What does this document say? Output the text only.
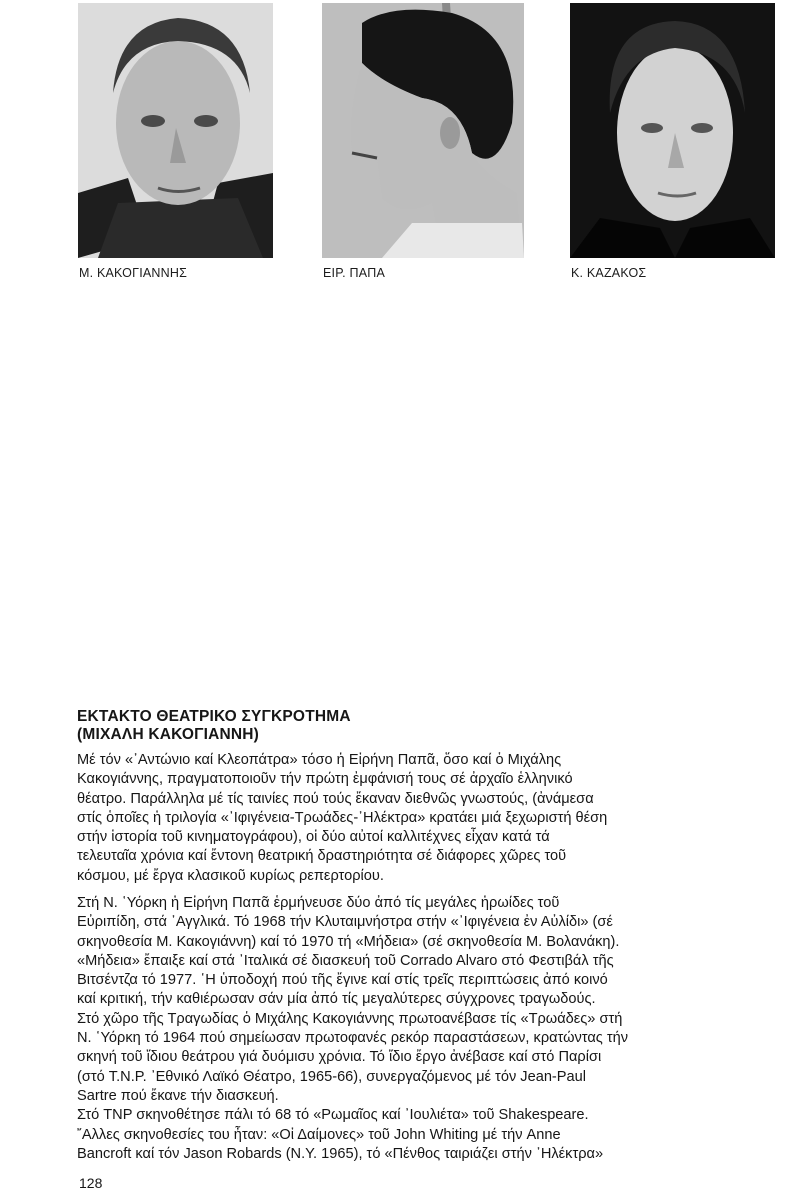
Μ. ΚΑΚΟΓΙΑΝΝΗΣ	ΕΙΡ. ΠΑΠΑ	Κ. ΚΑΖΑΚΟΣ
ΕΚΤΑΚΤΟ ΘΕΑΤΡΙΚΟ ΣΥΓΚΡΟΤΗΜΑ
(ΜΙΧΑΛΗ ΚΑΚΟΓΙΑΝΝΗ)
Μέ τόν «᾿Αντώνιο καί Κλεοπάτρα» τόσο ἡ Εἰρήνη Παπᾶ, ὅσο καί ὁ Μιχάλης
Κακογιάννης, πραγματοποιοῦν τήν πρώτη ἐμφάνισή τους σέ ἀρχαῖο ἑλληνικό
θέατρο. Παράλληλα μέ τίς ταινίες πού τούς ἔκαναν διεθνῶς γνωστούς, (ἀνάμεσα
στίς ὁποῖες ἡ τριλογία «᾿Ιφιγένεια-Τρωάδες-᾿Ηλέκτρα» κρατάει μιά ξεχωριστή θέση
στήν ἱστορία τοῦ κινηματογράφου), οἱ δύο αὐτοί καλλιτέχνες εἶχαν κατά τά
τελευταῖα χρόνια καί ἔντονη θεατρική δραστηριότητα σέ διάφορες χῶρες τοῦ
κόσμου, μέ ἔργα κλασικοῦ κυρίως ρεπερτορίου.
Στή Ν. ῾Υόρκη ἡ Εἰρήνη Παπᾶ ἑρμήνευσε δύο ἀπό τίς μεγάλες ἡρωίδες τοῦ
Εὐριπίδη, στά ᾿Αγγλικά. Τό 1968 τήν Κλυταιμνήστρα στήν «᾿Ιφιγένεια ἐν Αὐλίδι» (σέ
σκηνοθεσία Μ. Κακογιάννη) καί τό 1970 τή «Μήδεια» (σέ σκηνοθεσία Μ. Βολανάκη).
«Μήδεια» ἔπαιξε καί στά ᾿Ιταλικά σέ διασκευή τοῦ Corrado Alvaro στό Φεστιβάλ τῆς
Βιτσέντζα τό 1977. ῾Η ὑποδοχή πού τῆς ἔγινε καί στίς τρεῖς περιπτώσεις ἀπό κοινό
καί κριτική, τήν καθιέρωσαν σάν μία ἀπό τίς μεγαλύτερες σύγχρονες τραγωδούς.
Στό χῶρο τῆς Τραγωδίας ὁ Μιχάλης Κακογιάννης πρωτοανέβασε τίς «Τρωάδες» στή
Ν. ῾Υόρκη τό 1964 πού σημείωσαν πρωτοφανές ρεκόρ παραστάσεων, κρατώντας τήν
σκηνή τοῦ ἴδιου θεάτρου γιά δυόμισυ χρόνια. Τό ἴδιο ἔργο ἀνέβασε καί στό Παρίσι
(στό T.N.P. ᾿Εθνικό Λαϊκό Θέατρο, 1965-66), συνεργαζόμενος μέ τόν Jean-Paul
Sartre πού ἔκανε τήν διασκευή.
Στό TNP σκηνοθέτησε πάλι τό 68 τό «Ρωμαῖος καί ᾿Ιουλιέτα» τοῦ Shakespeare.
῎Αλλες σκηνοθεσίες του ἦταν: «Οἱ Δαίμονες» τοῦ John Whiting μέ τήν Anne
Bancroft καί τόν Jason Robards (N.Y. 1965), τό «Πένθος ταιριάζει στήν ᾿Ηλέκτρα»
128
